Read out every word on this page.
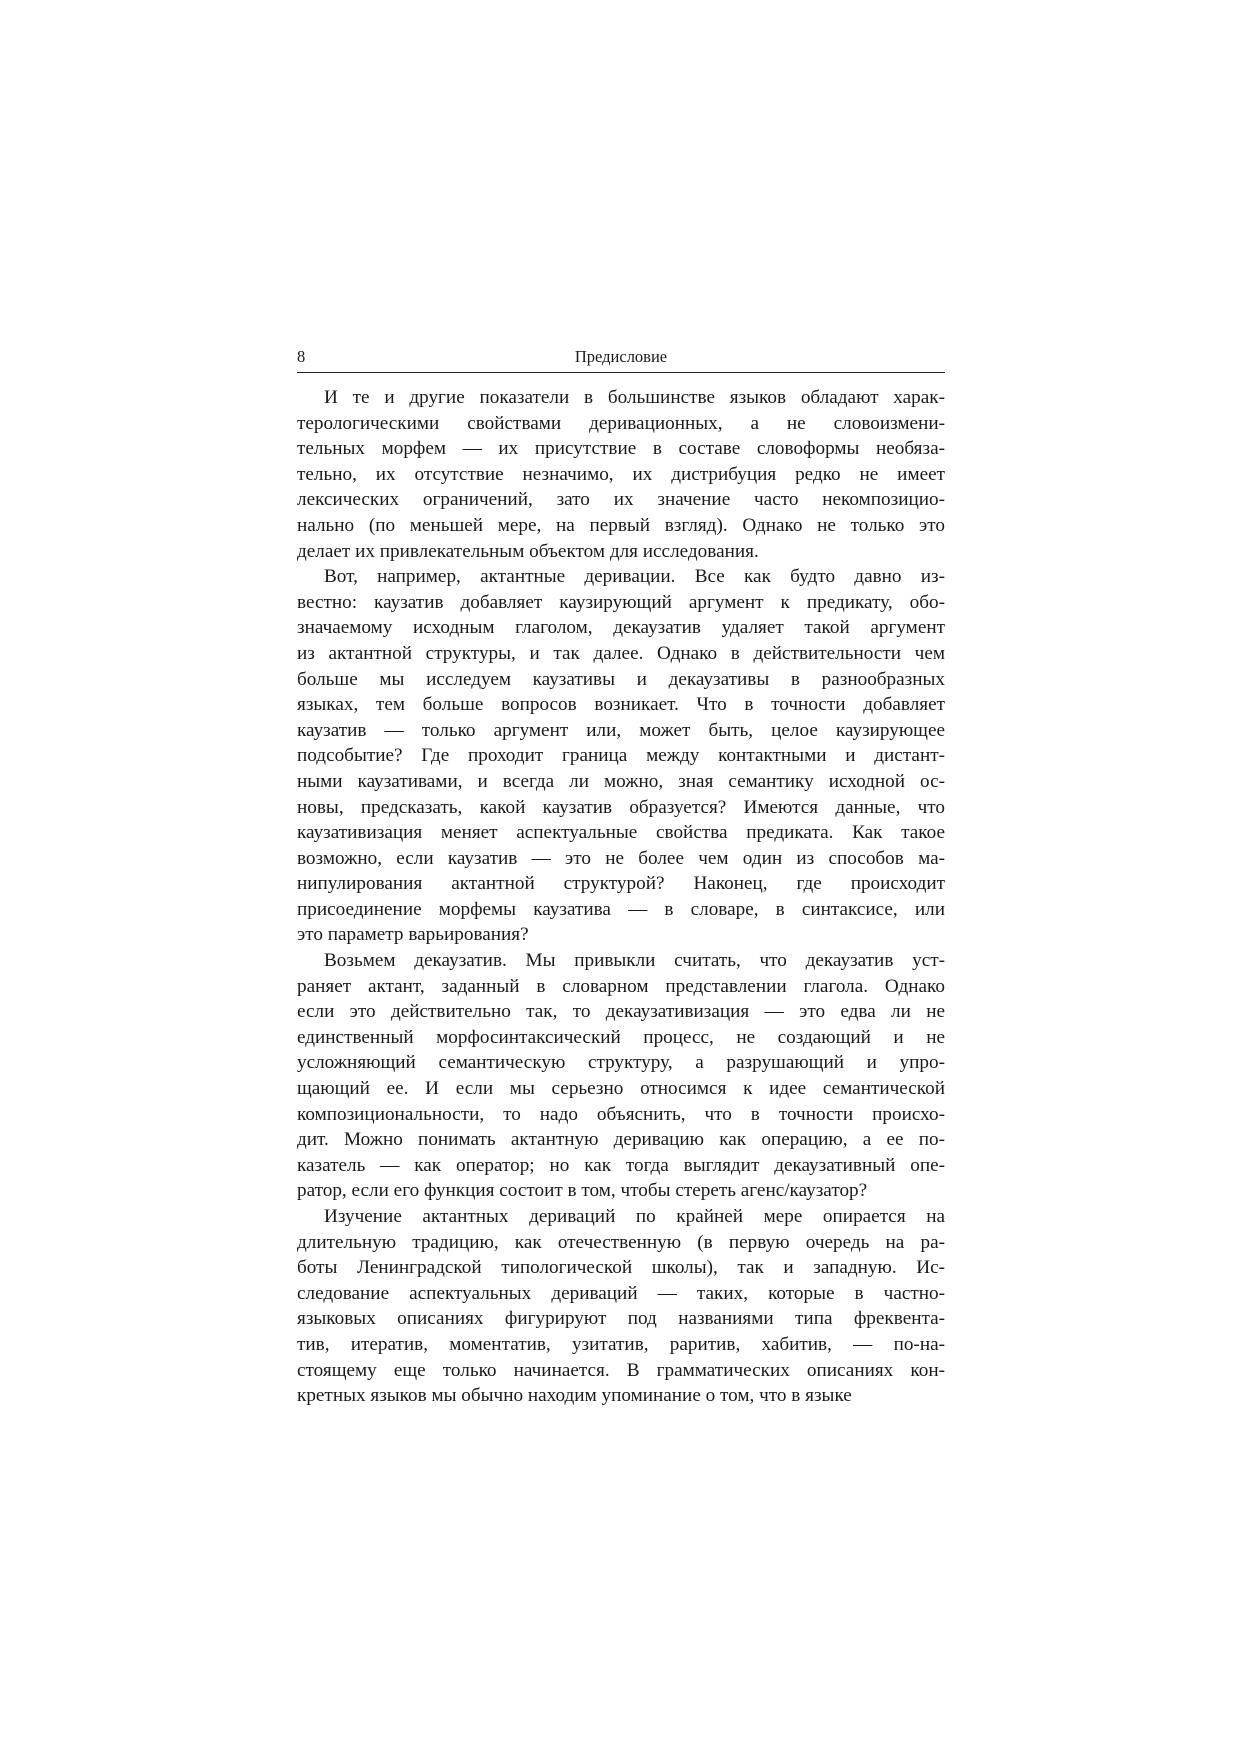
8	Предисловие

И те и другие показатели в большинстве языков обладают харак-
терологическими свойствами деривационных, а не словоизмени-
тельных морфем — их присутствие в составе словоформы необяза-
тельно, их отсутствие незначимо, их дистрибуция редко не имеет
лексических ограничений, зато их значение часто некомпозицио-
нально (по меньшей мере, на первый взгляд). Однако не только это
делает их привлекательным объектом для исследования.

Вот, например, актантные деривации. Все как будто давно из-
вестно: каузатив добавляет каузирующий аргумент к предикату, обо-
значаемому исходным глаголом, декаузатив удаляет такой аргумент
из актантной структуры, и так далее. Однако в действительности чем
больше мы исследуем каузативы и декаузативы в разнообразных
языках, тем больше вопросов возникает. Что в точности добавляет
каузатив — только аргумент или, может быть, целое каузирующее
подсобытие? Где проходит граница между контактными и дистант-
ными каузативами, и всегда ли можно, зная семантику исходной ос-
новы, предсказать, какой каузатив образуется? Имеются данные, что
каузативизация меняет аспектуальные свойства предиката. Как такое
возможно, если каузатив — это не более чем один из способов ма-
нипулирования актантной структурой? Наконец, где происходит
присоединение морфемы каузатива — в словаре, в синтаксисе, или
это параметр варьирования?

Возьмем декаузатив. Мы привыкли считать, что декаузатив уст-
раняет актант, заданный в словарном представлении глагола. Однако
если это действительно так, то декаузативизация — это едва ли не
единственный морфосинтаксический процесс, не создающий и не
усложняющий семантическую структуру, а разрушающий и упро-
щающий ее. И если мы серьезно относимся к идее семантической
композициональности, то надо объяснить, что в точности происхо-
дит. Можно понимать актантную деривацию как операцию, а ее по-
казатель — как оператор; но как тогда выглядит декаузативный опе-
ратор, если его функция состоит в том, чтобы стереть агенс/каузатор?

Изучение актантных дериваций по крайней мере опирается на
длительную традицию, как отечественную (в первую очередь на ра-
боты Ленинградской типологической школы), так и западную. Ис-
следование аспектуальных дериваций — таких, которые в частно-
языковых описаниях фигурируют под названиями типа фреквента-
тив, итератив, моментатив, узитатив, раритив, хабитив, — по-на-
стоящему еще только начинается. В грамматических описаниях кон-
кретных языков мы обычно находим упоминание о том, что в языке
